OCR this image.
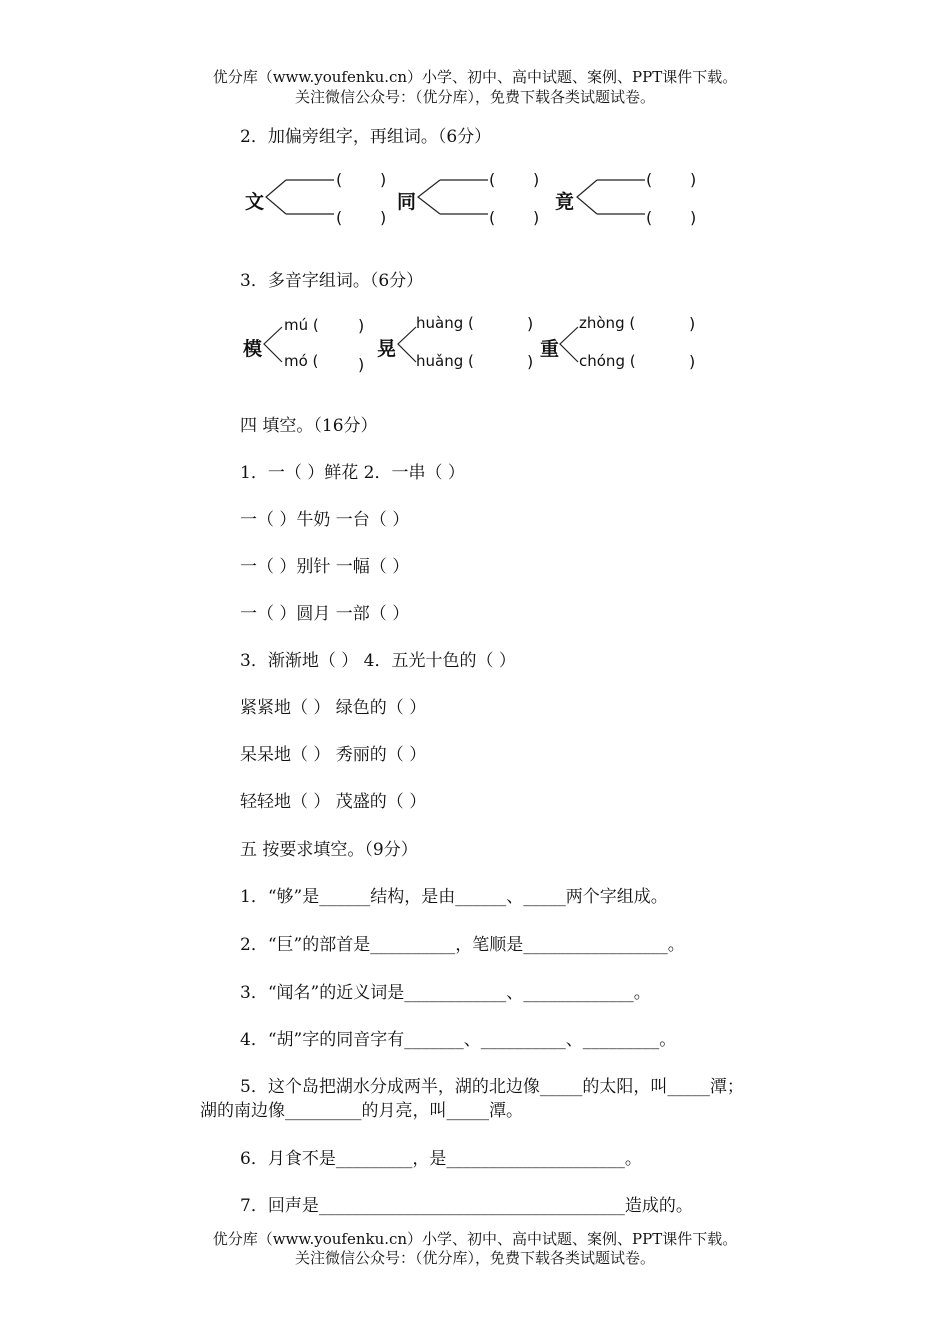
优分库（www.youfenku.cn）小学、初中、高中试题、案例、PPT课件下载。
关注微信公众号：（优分库），免费下载各类试题试卷。
2．加偏旁组字，再组词。（6分）
文	同	竟
( )	( )	( )
( )	( )	( )
3．多音字组词。（6分）
模	晃	重
mú (
mó (
)
)
huàng (
huǎng (
)
)
zhòng (
chóng (
)
)
四 填空。（16分）
1．一（ ）鲜花 2．一串（ ）
一（ ）牛奶 一台（ ）
一（ ）别针 一幅（ ）
一（ ）圆月 一部（ ）
3．渐渐地（ ） 4．五光十色的（ ）
紧紧地（ ） 绿色的（ ）
呆呆地（ ） 秀丽的（ ）
轻轻地（ ） 茂盛的（ ）
五 按要求填空。（9分）
1．“够”是______结构，是由______、_____两个字组成。
2．“巨”的部首是__________，笔顺是_________________。
3．“闻名”的近义词是____________、_____________。
4．“胡”字的同音字有_______、__________、_________。
5．这个岛把湖水分成两半，湖的北边像_____的太阳，叫_____潭；
湖的南边像_________的月亮，叫_____潭。
6．月食不是_________，是_____________________。
7．回声是____________________________________造成的。
优分库（www.youfenku.cn）小学、初中、高中试题、案例、PPT课件下载。
关注微信公众号：（优分库），免费下载各类试题试卷。
